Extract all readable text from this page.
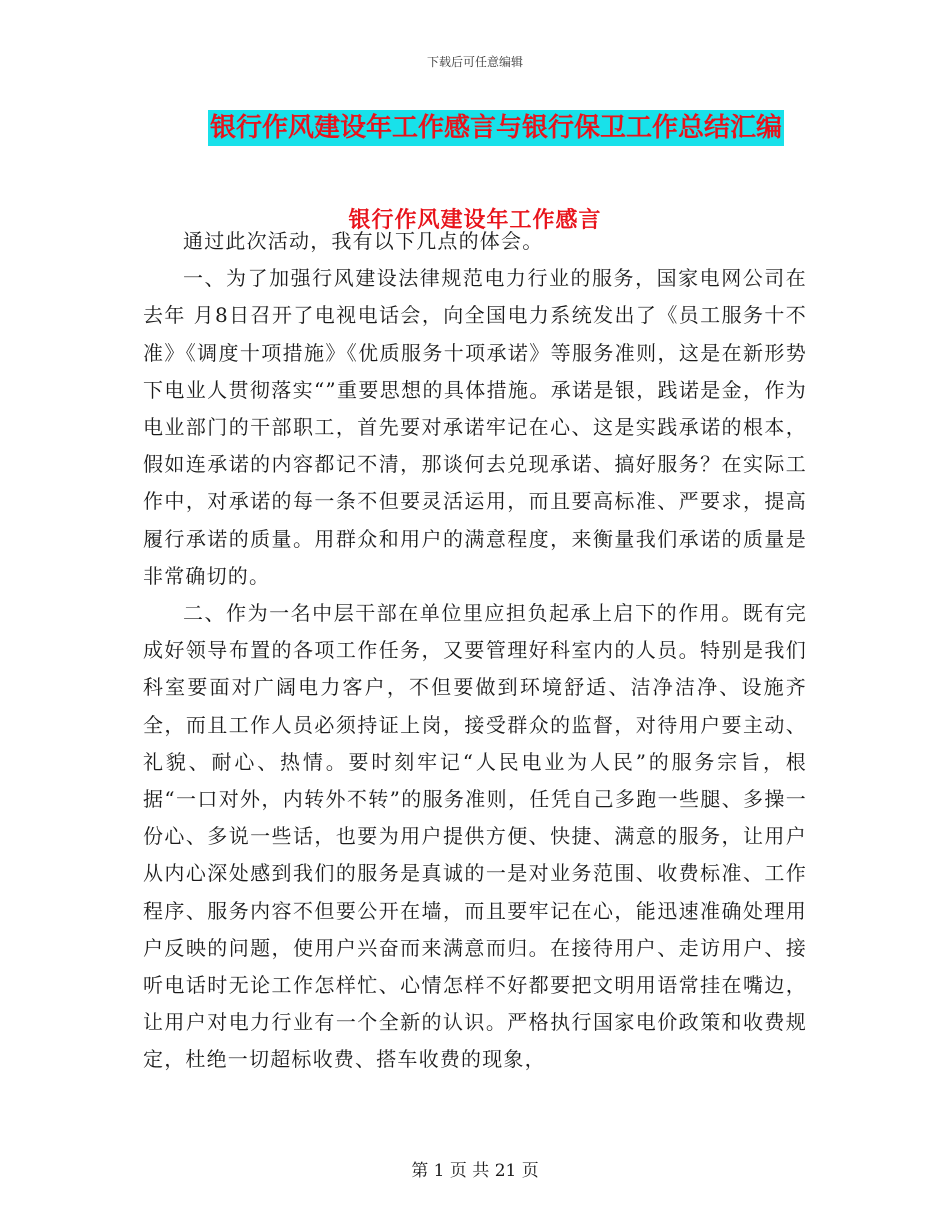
下载后可任意编辑
银行作风建设年工作感言与银行保卫工作总结汇编
银行作风建设年工作感言

通过此次活动，我有以下几点的体会。

一、为了加强行风建设法律规范电力行业的服务，国家电网公司在去年 月8日召开了电视电话会，向全国电力系统发出了《员工服务十不准》《调度十项措施》《优质服务十项承诺》等服务准则，这是在新形势下电业人贯彻落实“”重要思想的具体措施。承诺是银，践诺是金，作为电业部门的干部职工，首先要对承诺牢记在心、这是实践承诺的根本，假如连承诺的内容都记不清，那谈何去兑现承诺、搞好服务？在实际工作中，对承诺的每一条不但要灵活运用，而且要高标准、严要求，提高履行承诺的质量。用群众和用户的满意程度，来衡量我们承诺的质量是非常确切的。

二、作为一名中层干部在单位里应担负起承上启下的作用。既有完成好领导布置的各项工作任务，又要管理好科室内的人员。特别是我们科室要面对广阔电力客户，不但要做到环境舒适、洁净洁净、设施齐全，而且工作人员必须持证上岗，接受群众的监督，对待用户要主动、礼貌、耐心、热情。要时刻牢记“人民电业为人民”的服务宗旨，根据“一口对外，内转外不转”的服务准则，任凭自己多跑一些腿、多操一份心、多说一些话，也要为用户提供方便、快捷、满意的服务，让用户从内心深处感到我们的服务是真诚的一是对业务范围、收费标准、工作程序、服务内容不但要公开在墙，而且要牢记在心，能迅速准确处理用户反映的问题，使用户兴奋而来满意而归。在接待用户、走访用户、接听电话时无论工作怎样忙、心情怎样不好都要把文明用语常挂在嘴边，让用户对电力行业有一个全新的认识。严格执行国家电价政策和收费规定，杜绝一切超标收费、搭车收费的现象，

第 1 页 共 21 页
